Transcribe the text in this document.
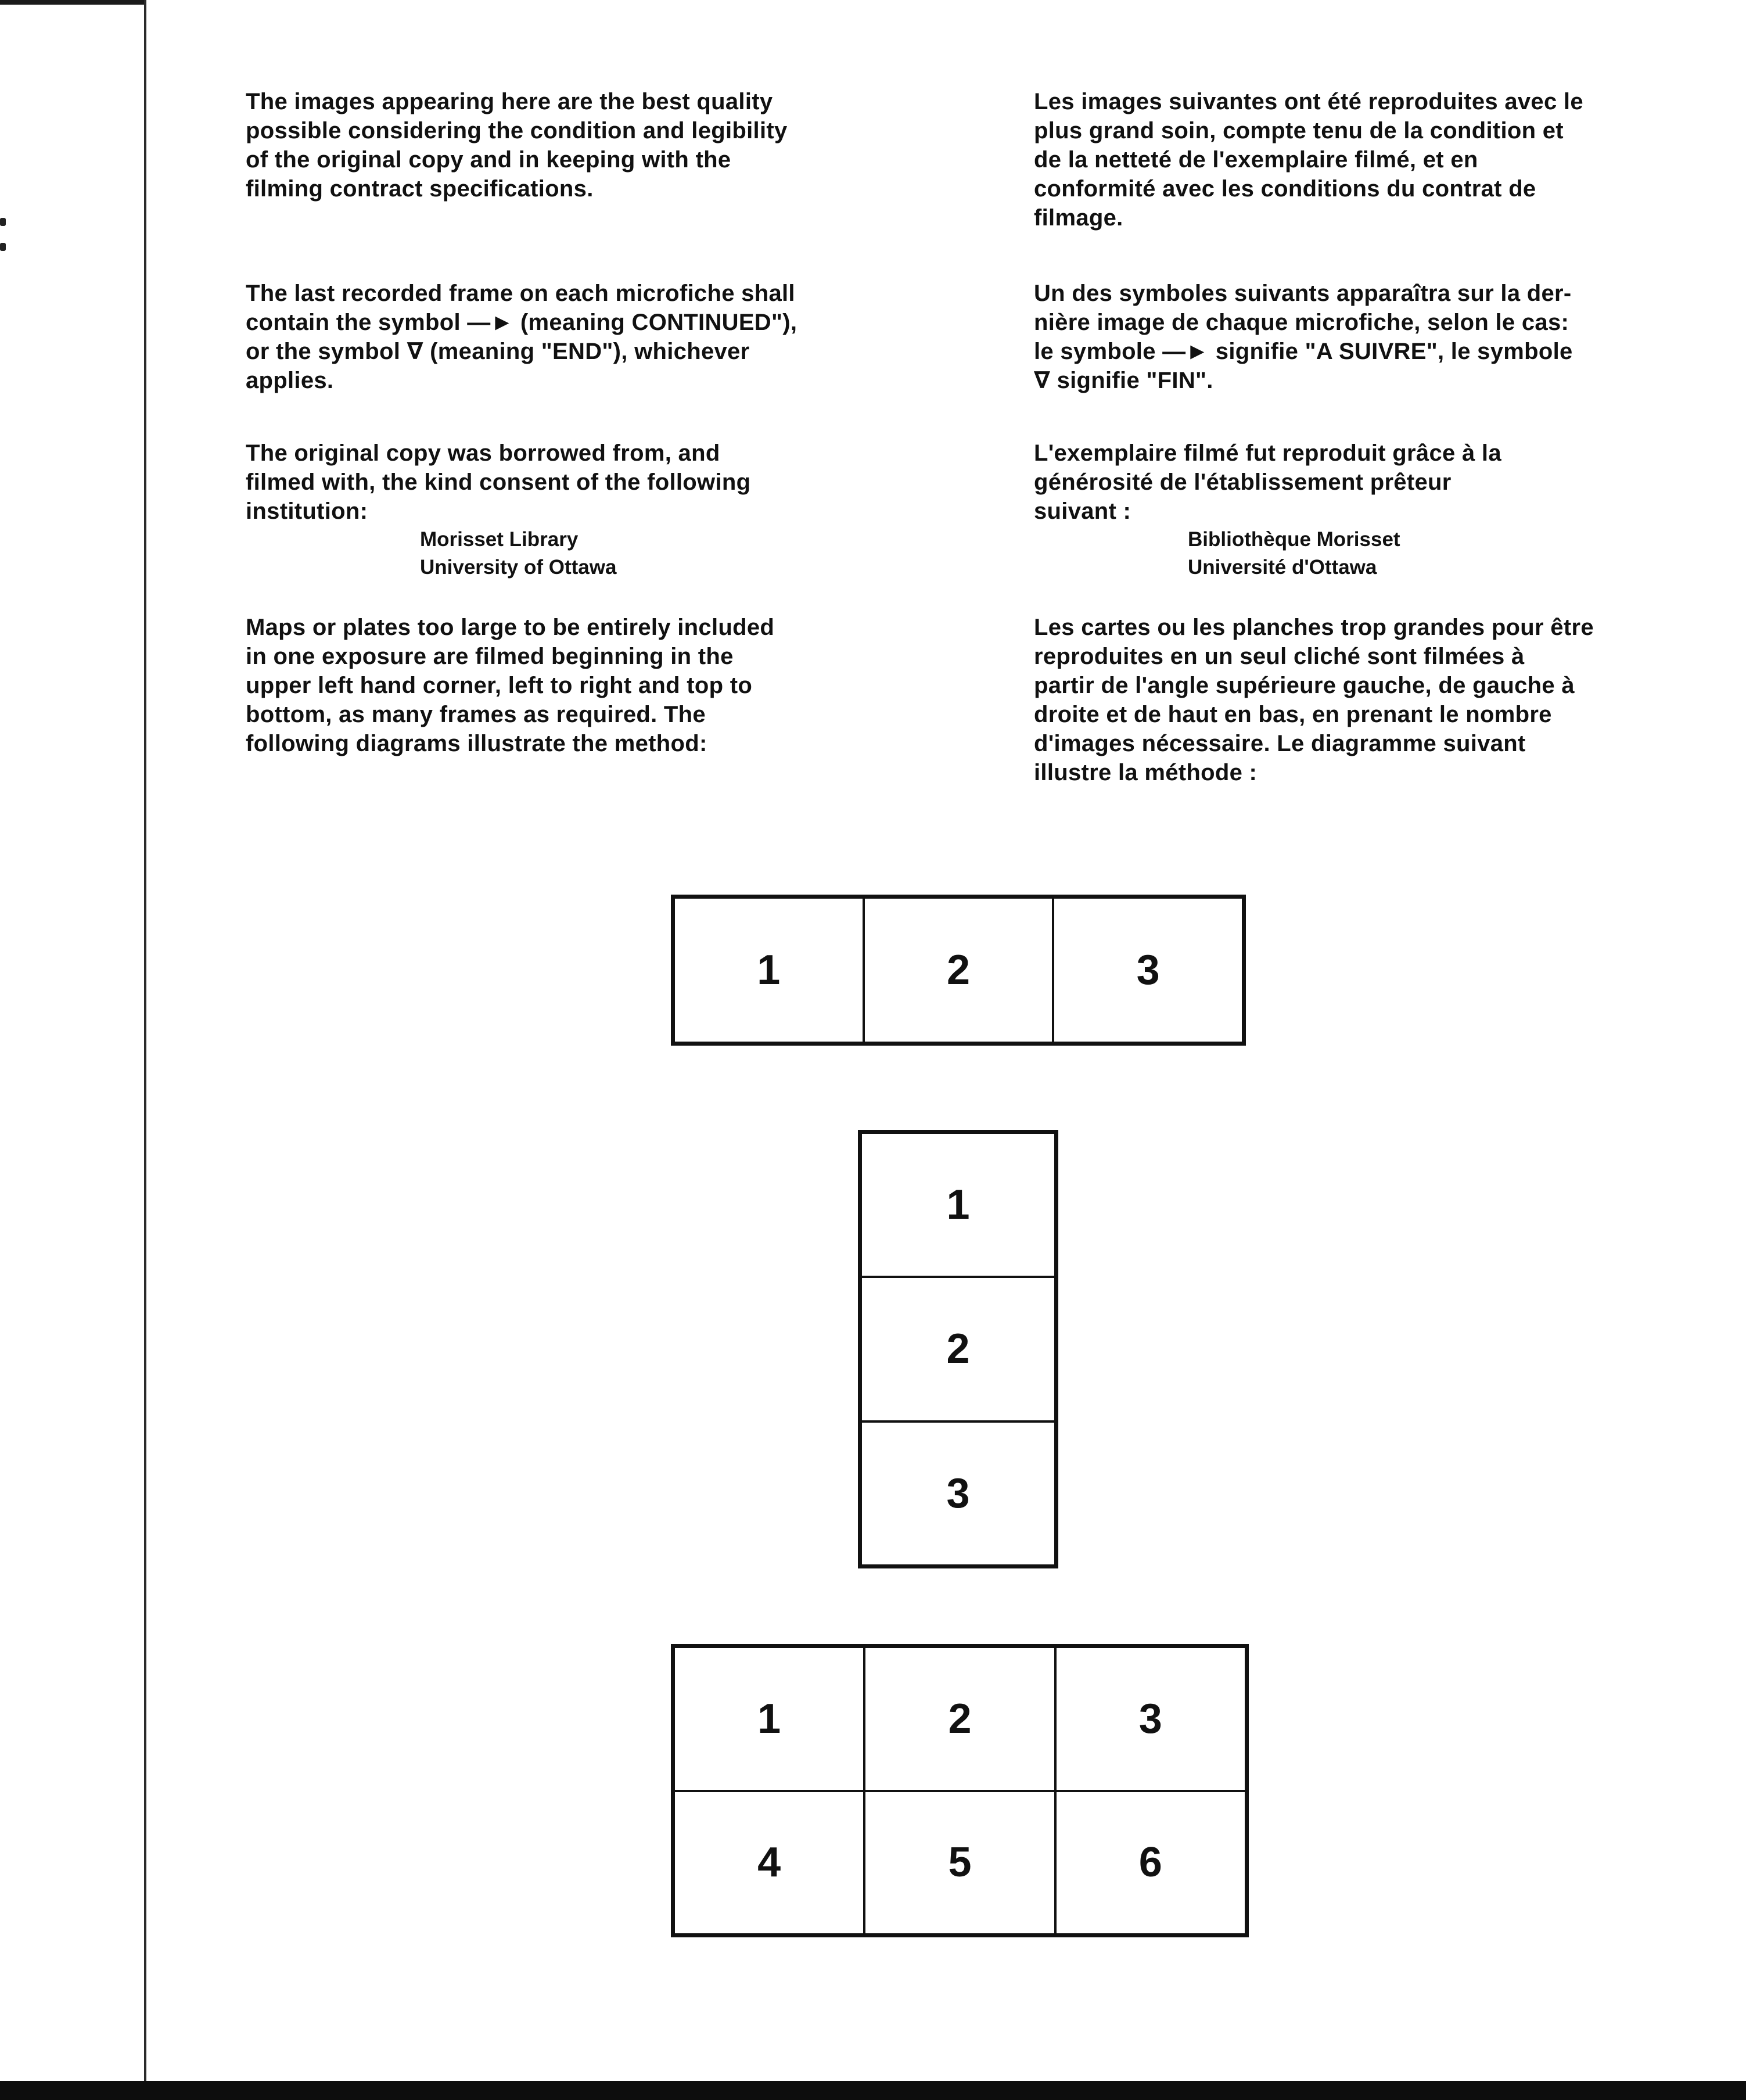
The images appearing here are the best quality
possible considering the condition and legibility
of the original copy and in keeping with the
filming contract specifications.

The last recorded frame on each microfiche shall
contain the symbol —► (meaning CONTINUED"),
or the symbol ∇ (meaning "END"), whichever
applies.

The original copy was borrowed from, and
filmed with, the kind consent of the following
institution:

Morisset Library
University of Ottawa

Maps or plates too large to be entirely included
in one exposure are filmed beginning in the
upper left hand corner, left to right and top to
bottom, as many frames as required. The
following diagrams illustrate the method:

Les images suivantes ont été reproduites avec le
plus grand soin, compte tenu de la condition et
de la netteté de l'exemplaire filmé, et en
conformité avec les conditions du contrat de
filmage.

Un des symboles suivants apparaîtra sur la der-
nière image de chaque microfiche, selon le cas:
le symbole —► signifie "A SUIVRE", le symbole
∇ signifie "FIN".

L'exemplaire filmé fut reproduit grâce à la
générosité de l'établissement prêteur
suivant :

Bibliothèque Morisset
Université d'Ottawa

Les cartes ou les planches trop grandes pour être
reproduites en un seul cliché sont filmées à
partir de l'angle supérieure gauche, de gauche à
droite et de haut en bas, en prenant le nombre
d'images nécessaire. Le diagramme suivant
illustre la méthode :

1	2	3
1
2
3
1	2	3
4	5	6
